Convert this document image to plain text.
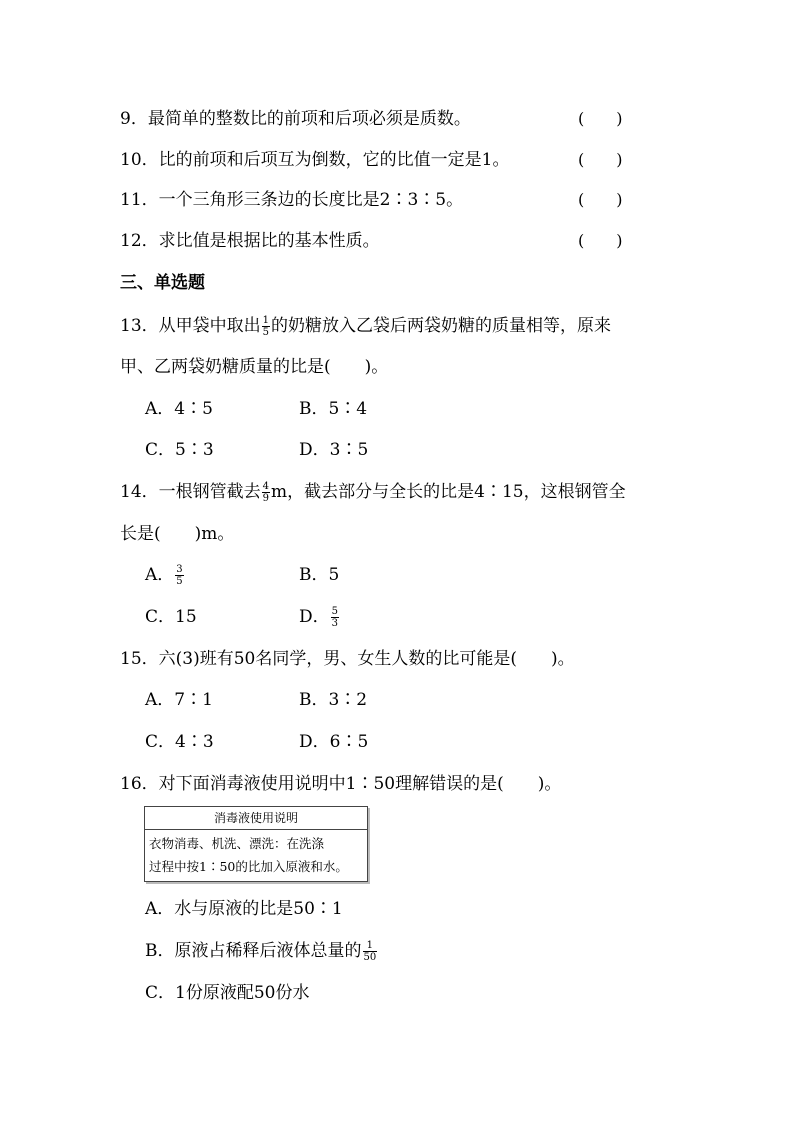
9．最简单的整数比的前项和后项必须是质数。	(　　)
10．比的前项和后项互为倒数，它的比值一定是1。	(　　)
11．一个三角形三条边的长度比是2∶3∶5。	(　　)
12．求比值是根据比的基本性质。	(　　)
三、单选题
13．从甲袋中取出 $\frac{1}{5}$ 的奶糖放入乙袋后两袋奶糖的质量相等，原来
甲、乙两袋奶糖质量的比是(　　)。
A．4∶5	B．5∶4
C．5∶3	D．3∶5
14．一根钢管截去 $\frac{4}{9}$ m，截去部分与全长的比是4∶15，这根钢管全
长是(　　)m。
A． $\frac{3}{5}$	B．5
C．15	D． $\frac{5}{3}$
15．六(3)班有50名同学，男、女生人数的比可能是(　　)。
A．7∶1	B．3∶2
C．4∶3	D．6∶5
16．对下面消毒液使用说明中1∶50理解错误的是(　　)。
消毒液使用说明
衣物消毒、机洗、漂洗：在洗涤
过程中按1∶50的比加入原液和水。
A．水与原液的比是50∶1
B．原液占稀释后液体总量的 $\frac{1}{50}$
C．1份原液配50份水
